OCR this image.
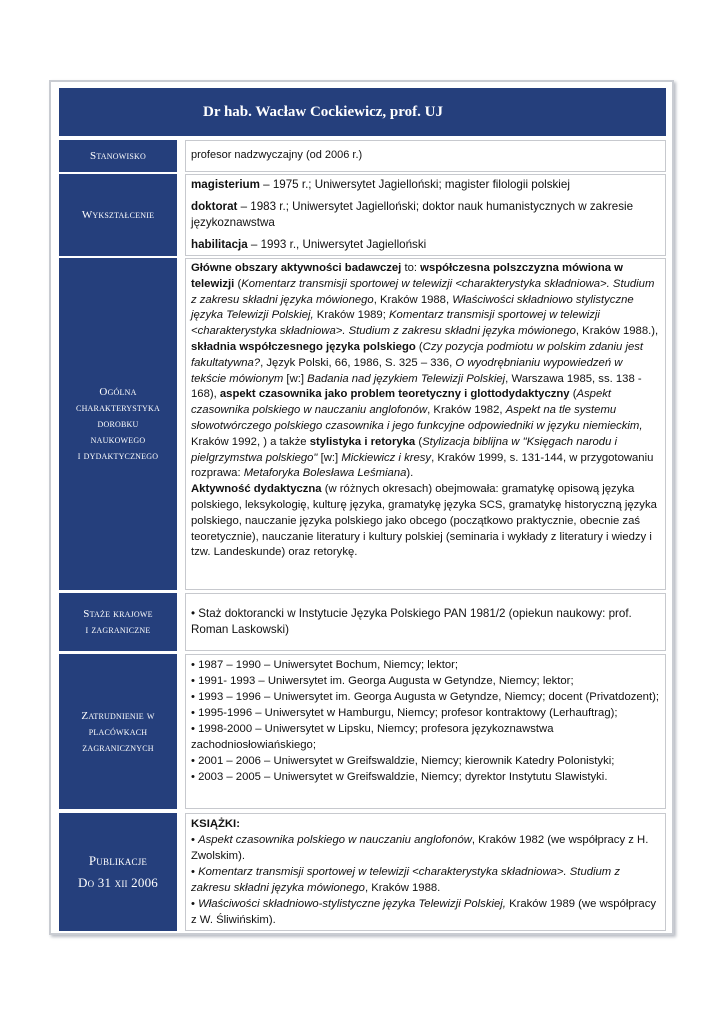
Dr hab. Wacław Cockiewicz, prof. UJ
Stanowisko	profesor nadzwyczajny (od 2006 r.)
Wykształcenie

magisterium – 1975 r.; Uniwersytet Jagielloński; magister filologii polskiej

doktorat – 1983 r.; Uniwersytet Jagielloński; doktor nauk humanistycznych w zakresie językoznawstwa

habilitacja – 1993 r., Uniwersytet Jagielloński

Ogólna
charakterystyka
dorobku
naukowego
i dydaktycznego

Główne obszary aktywności badawczej to: współczesna polszczyzna mówiona w telewizji (Komentarz transmisji sportowej w telewizji <charakterystyka składniowa>. Studium z zakresu składni języka mówionego, Kraków 1988, Właściwości składniowo stylistyczne języka Telewizji Polskiej, Kraków 1989; Komentarz transmisji sportowej w telewizji <charakterystyka składniowa>. Studium z zakresu składni języka mówionego, Kraków 1988.), składnia współczesnego języka polskiego (Czy pozycja podmiotu w polskim zdaniu jest fakultatywna?, Język Polski, 66, 1986, S. 325 – 336, O wyodrębnianiu wypowiedzeń w tekście mówionym [w:] Badania nad językiem Telewizji Polskiej, Warszawa 1985, ss. 138 - 168), aspekt czasownika jako problem teoretyczny i glottodydaktyczny (Aspekt czasownika polskiego w nauczaniu anglofonów, Kraków 1982, Aspekt na tle systemu słowotwórczego polskiego czasownika i jego funkcyjne odpowiedniki w języku niemieckim, Kraków 1992, ) a także stylistyka i retoryka (Stylizacja biblijna w "Księgach narodu i pielgrzymstwa polskiego" [w:] Mickiewicz i kresy, Kraków 1999, s. 131-144, w przygotowaniu rozprawa: Metaforyka Bolesława Leśmiana).

Aktywność dydaktyczna (w różnych okresach) obejmowała: gramatykę opisową języka polskiego, leksykologię, kulturę języka, gramatykę języka SCS, gramatykę historyczną języka polskiego, nauczanie języka polskiego jako obcego (początkowo praktycznie, obecnie zaś teoretycznie), nauczanie literatury i kultury polskiej (seminaria i wykłady z literatury i wiedzy i tzw. Landeskunde) oraz retorykę.

Staże krajowe
i zagraniczne
• Staż doktorancki w Instytucie Języka Polskiego PAN 1981/2 (opiekun naukowy: prof. Roman Laskowski)
Zatrudnienie w
placówkach
zagranicznych

• 1987 – 1990 – Uniwersytet Bochum, Niemcy; lektor;

• 1991- 1993 – Uniwersytet im. Georga Augusta w Getyndze, Niemcy; lektor;

• 1993 – 1996 – Uniwersytet im. Georga Augusta w Getyndze, Niemcy; docent (Privatdozent);

• 1995-1996 – Uniwersytet w Hamburgu, Niemcy; profesor kontraktowy (Lerhauftrag);

• 1998-2000 – Uniwersytet w Lipsku, Niemcy; profesora językoznawstwa zachodniosłowiańskiego;

• 2001 – 2006 – Uniwersytet w Greifswaldzie, Niemcy; kierownik Katedry Polonistyki;

• 2003 – 2005 – Uniwersytet w Greifswaldzie, Niemcy; dyrektor Instytutu Slawistyki.

Publikacje
Do 31 xii 2006

KSIĄŻKI:

• Aspekt czasownika polskiego w nauczaniu anglofonów, Kraków 1982 (we współpracy z H. Zwolskim).

• Komentarz transmisji sportowej w telewizji <charakterystyka składniowa>. Studium z zakresu składni języka mówionego, Kraków 1988.

• Właściwości składniowo-stylistyczne języka Telewizji Polskiej, Kraków 1989 (we współpracy z W. Śliwińskim).
